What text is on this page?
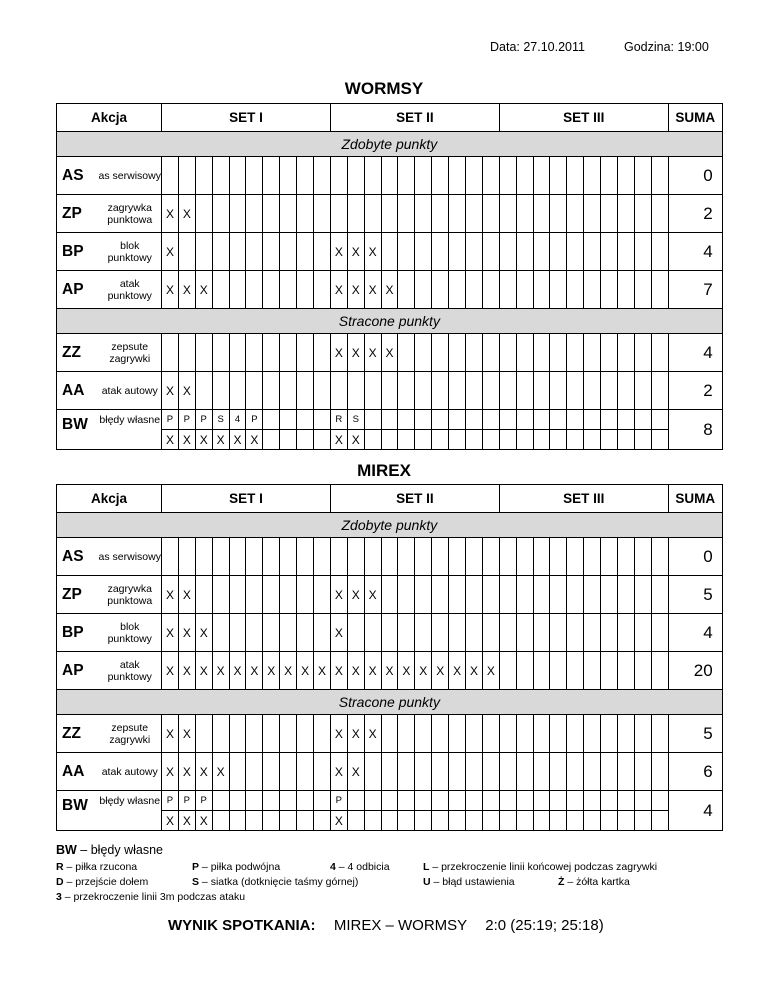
Data: 27.10.2011	Godzina: 19:00
WORMSY
Akcja		SET I										SET II										SET III										SUMA
Zdobyte punkty																																
AS	as serwisowy																															0
ZP	zagrywka punktowa	X	X																													2
BP	blok punktowy	X										X	X	X																		4
AP	atak punktowy	X	X	X								X	X	X	X																	7
Stracone punkty																																
ZZ	zepsute zagrywki											X	X	X	X																	4
AA	atak autowy	X	X																													2
BW	błędy własne	P	P	P	S	4	P					R	S																			8
		X	X	X	X	X	X					X	X																			
MIREX
Akcja		SET I										SET II										SET III										SUMA
Zdobyte punkty																																
AS	as serwisowy																															0
ZP	zagrywka punktowa	X	X									X	X	X																		5
BP	blok punktowy	X	X	X								X																				4
AP	atak punktowy	X	X	X	X	X	X	X	X	X	X	X	X	X	X	X	X	X	X	X	X											20
Stracone punkty																																
ZZ	zepsute zagrywki	X	X									X	X	X																		5
AA	atak autowy	X	X	X	X							X	X																			6
BW	błędy własne	P	P	P								P																				4
		X	X	X								X																				
BW – błędy własne
R – piłka rzucona	P – piłka podwójna	4 – 4 odbicia	L – przekroczenie linii końcowej podczas zagrywki
D – przejście dołem	S – siatka (dotknięcie taśmy górnej)	U – błąd ustawienia	Ż – żółta kartka
3 – przekroczenie linii 3m podczas ataku
WYNIK SPOTKANIA: MIREX – WORMSY 2:0 (25:19; 25:18)
